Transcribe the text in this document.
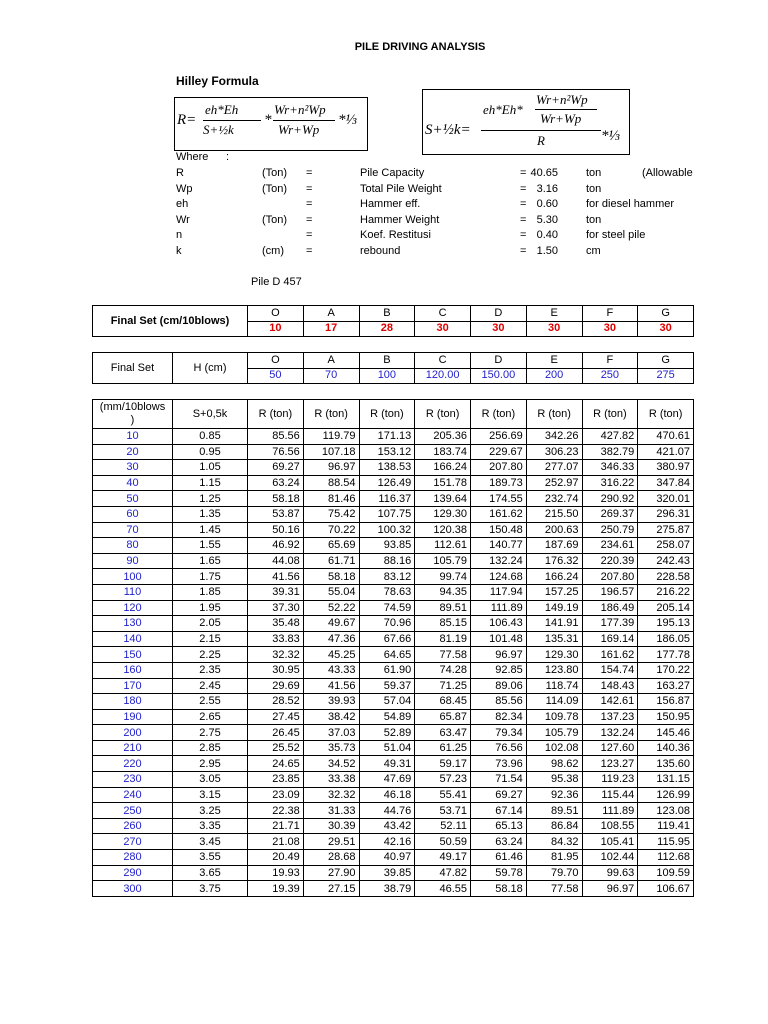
PILE DRIVING ANALYSIS
Hilley Formula
R=
eh*Eh
S+½k
*
Wr+n²Wp
Wr+Wp
*⅓
S+½k=
eh*Eh*
Wr+n²Wp
Wr+Wp
R	*⅓
Where :
R	(Ton) =	Pile Capacity	= 40.65	ton	(Allowable
Wp	(Ton) =	Total Pile Weight	= 3.16	ton
eh	=	Hammer eff.	= 0.60	for diesel hammer
Wr	(Ton) =	Hammer Weight	= 5.30	ton
n	=	Koef. Restitusi	= 0.40	for steel pile
k	(cm) =	rebound	= 1.50	cm
Pile D 457
Final Set (cm/10blows)	O	A	B	C	D	E	F	G
	10	17	28	30	30	30	30	30
Final Set	H (cm)	O	A	B	C	D	E	F	G
		50	70	100	120.00	150.00	200	250	275
(mm/10blows
)	S+0,5k	R (ton)	R (ton)	R (ton)	R (ton)	R (ton)	R (ton)	R (ton)	R (ton)
10	0.85	85.56	119.79	171.13	205.36	256.69	342.26	427.82	470.61
20	0.95	76.56	107.18	153.12	183.74	229.67	306.23	382.79	421.07
30	1.05	69.27	96.97	138.53	166.24	207.80	277.07	346.33	380.97
40	1.15	63.24	88.54	126.49	151.78	189.73	252.97	316.22	347.84
50	1.25	58.18	81.46	116.37	139.64	174.55	232.74	290.92	320.01
60	1.35	53.87	75.42	107.75	129.30	161.62	215.50	269.37	296.31
70	1.45	50.16	70.22	100.32	120.38	150.48	200.63	250.79	275.87
80	1.55	46.92	65.69	93.85	112.61	140.77	187.69	234.61	258.07
90	1.65	44.08	61.71	88.16	105.79	132.24	176.32	220.39	242.43
100	1.75	41.56	58.18	83.12	99.74	124.68	166.24	207.80	228.58
110	1.85	39.31	55.04	78.63	94.35	117.94	157.25	196.57	216.22
120	1.95	37.30	52.22	74.59	89.51	111.89	149.19	186.49	205.14
130	2.05	35.48	49.67	70.96	85.15	106.43	141.91	177.39	195.13
140	2.15	33.83	47.36	67.66	81.19	101.48	135.31	169.14	186.05
150	2.25	32.32	45.25	64.65	77.58	96.97	129.30	161.62	177.78
160	2.35	30.95	43.33	61.90	74.28	92.85	123.80	154.74	170.22
170	2.45	29.69	41.56	59.37	71.25	89.06	118.74	148.43	163.27
180	2.55	28.52	39.93	57.04	68.45	85.56	114.09	142.61	156.87
190	2.65	27.45	38.42	54.89	65.87	82.34	109.78	137.23	150.95
200	2.75	26.45	37.03	52.89	63.47	79.34	105.79	132.24	145.46
210	2.85	25.52	35.73	51.04	61.25	76.56	102.08	127.60	140.36
220	2.95	24.65	34.52	49.31	59.17	73.96	98.62	123.27	135.60
230	3.05	23.85	33.38	47.69	57.23	71.54	95.38	119.23	131.15
240	3.15	23.09	32.32	46.18	55.41	69.27	92.36	115.44	126.99
250	3.25	22.38	31.33	44.76	53.71	67.14	89.51	111.89	123.08
260	3.35	21.71	30.39	43.42	52.11	65.13	86.84	108.55	119.41
270	3.45	21.08	29.51	42.16	50.59	63.24	84.32	105.41	115.95
280	3.55	20.49	28.68	40.97	49.17	61.46	81.95	102.44	112.68
290	3.65	19.93	27.90	39.85	47.82	59.78	79.70	99.63	109.59
300	3.75	19.39	27.15	38.79	46.55	58.18	77.58	96.97	106.67
